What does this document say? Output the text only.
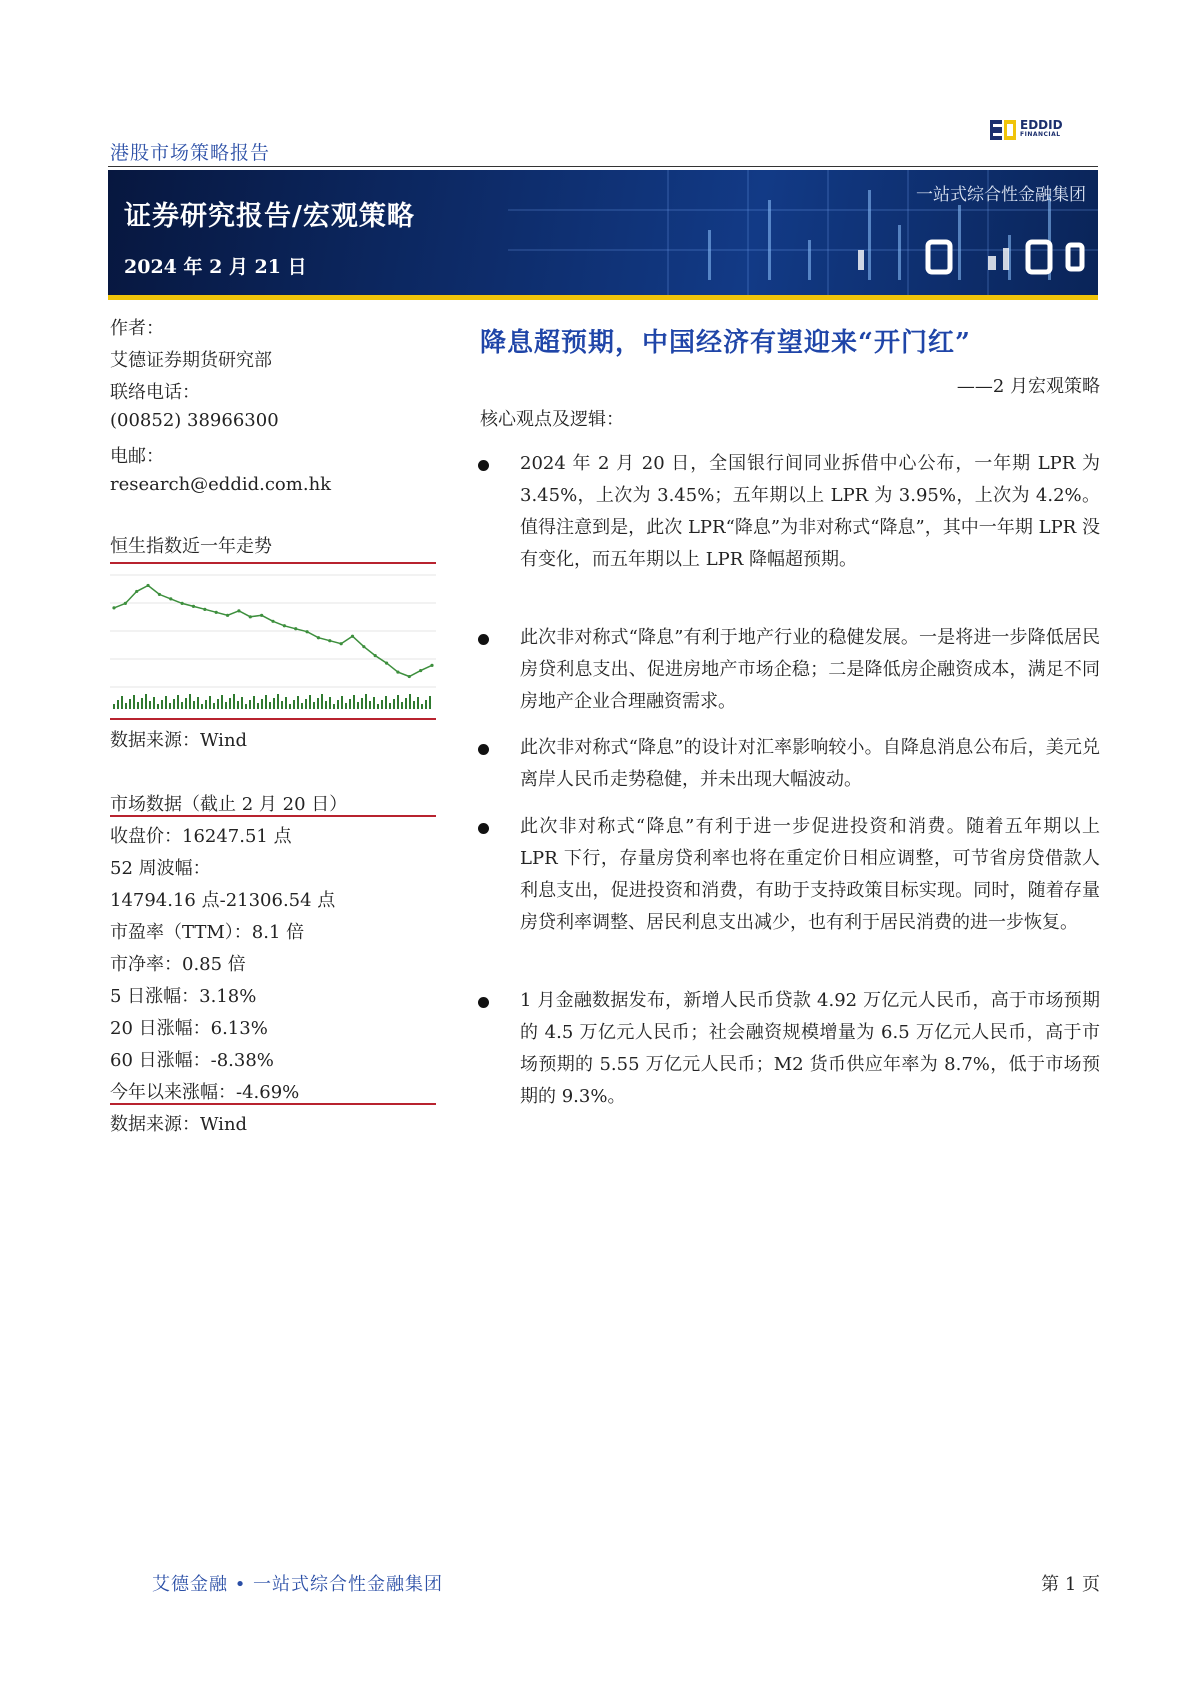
港股市场策略报告
EDDID
FINANCIAL
证券研究报告/宏观策略
2024 年 2 月 21 日
一站式综合性金融集团
作者：
艾德证券期货研究部
联络电话：
(00852) 38966300
电邮：
research@eddid.com.hk
恒生指数近一年走势
数据来源：Wind
市场数据（截止 2 月 20 日）
收盘价：16247.51 点
52 周波幅：
14794.16 点-21306.54 点
市盈率（TTM）：8.1 倍
市净率：0.85 倍
5 日涨幅：3.18%
20 日涨幅：6.13%
60 日涨幅：-8.38%
今年以来涨幅：-4.69%
数据来源：Wind
降息超预期，中国经济有望迎来“开门红”
——2 月宏观策略
核心观点及逻辑：
2024 年 2 月 20 日，全国银行间同业拆借中心公布，一年期 LPR 为 3.45%，上次为 3.45%；五年期以上 LPR 为 3.95%，上次为 4.2%。值得注意到是，此次 LPR“降息”为非对称式“降息”，其中一年期 LPR 没有变化，而五年期以上 LPR 降幅超预期。
此次非对称式“降息”有利于地产行业的稳健发展。一是将进一步降低居民房贷利息支出、促进房地产市场企稳；二是降低房企融资成本，满足不同房地产企业合理融资需求。
此次非对称式“降息”的设计对汇率影响较小。自降息消息公布后，美元兑离岸人民币走势稳健，并未出现大幅波动。
此次非对称式“降息”有利于进一步促进投资和消费。随着五年期以上 LPR 下行，存量房贷利率也将在重定价日相应调整，可节省房贷借款人利息支出，促进投资和消费，有助于支持政策目标实现。同时，随着存量房贷利率调整、居民利息支出减少，也有利于居民消费的进一步恢复。
1 月金融数据发布，新增人民币贷款 4.92 万亿元人民币，高于市场预期的 4.5 万亿元人民币；社会融资规模增量为 6.5 万亿元人民币，高于市场预期的 5.55 万亿元人民币；M2 货币供应年率为 8.7%，低于市场预期的 9.3%。
艾德金融 • 一站式综合性金融集团	第 1 页
